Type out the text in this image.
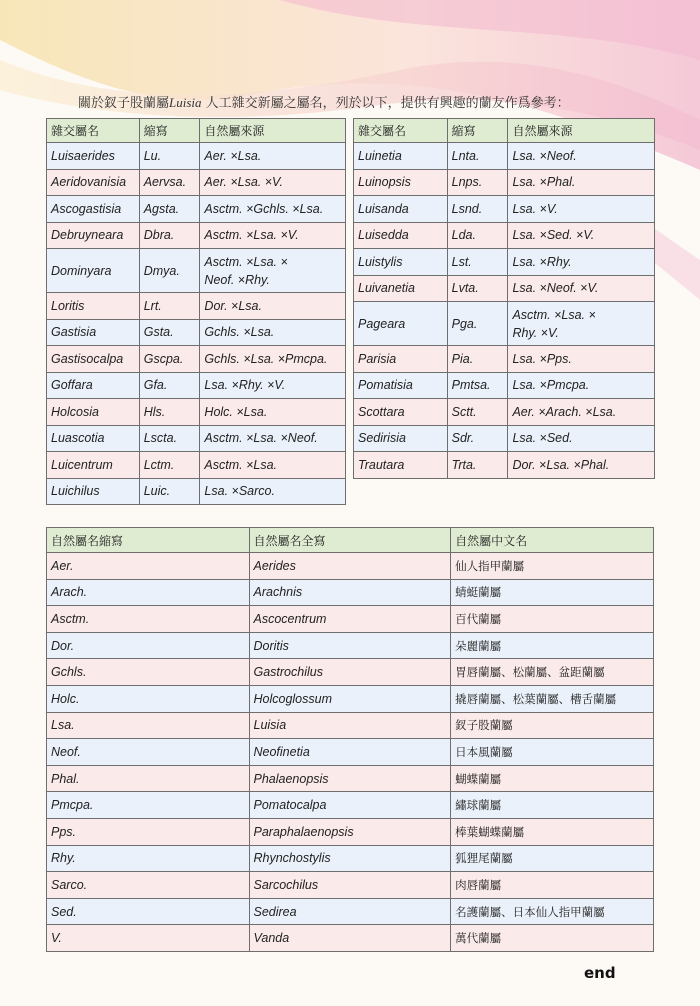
關於釵子股蘭屬Luisia 人工雜交新屬之屬名，列於以下，提供有興趣的蘭友作爲參考：
雜交屬名	縮寫	自然屬來源
Luisaerides	Lu.	Aer. ×Lsa.
Aeridovanisia	Aervsa.	Aer. ×Lsa. ×V.
Ascogastisia	Agsta.	Asctm. ×Gchls. ×Lsa.
Debruyneara	Dbra.	Asctm. ×Lsa. ×V.
Dominyara	Dmya.	Asctm. ×Lsa. ×
Neof. ×Rhy.
Loritis	Lrt.	Dor. ×Lsa.
Gastisia	Gsta.	Gchls. ×Lsa.
Gastisocalpa	Gscpa.	Gchls. ×Lsa. ×Pmcpa.
Goffara	Gfa.	Lsa. ×Rhy. ×V.
Holcosia	Hls.	Holc. ×Lsa.
Luascotia	Lscta.	Asctm. ×Lsa. ×Neof.
Luicentrum	Lctm.	Asctm. ×Lsa.
Luichilus	Luic.	Lsa. ×Sarco.
雜交屬名	縮寫	自然屬來源
Luinetia	Lnta.	Lsa. ×Neof.
Luinopsis	Lnps.	Lsa. ×Phal.
Luisanda	Lsnd.	Lsa. ×V.
Luisedda	Lda.	Lsa. ×Sed. ×V.
Luistylis	Lst.	Lsa. ×Rhy.
Luivanetia	Lvta.	Lsa. ×Neof. ×V.
Pageara	Pga.	Asctm. ×Lsa. ×
Rhy. ×V.
Parisia	Pia.	Lsa. ×Pps.
Pomatisia	Pmtsa.	Lsa. ×Pmcpa.
Scottara	Sctt.	Aer. ×Arach. ×Lsa.
Sedirisia	Sdr.	Lsa. ×Sed.
Trautara	Trta.	Dor. ×Lsa. ×Phal.
自然屬名縮寫	自然屬名全寫	自然屬中文名
Aer.	Aerides	仙人指甲蘭屬
Arach.	Arachnis	蜻蜓蘭屬
Asctm.	Ascocentrum	百代蘭屬
Dor.	Doritis	朵麗蘭屬
Gchls.	Gastrochilus	胃唇蘭屬、松蘭屬、盆距蘭屬
Holc.	Holcoglossum	撬唇蘭屬、松葉蘭屬、槽舌蘭屬
Lsa.	Luisia	釵子股蘭屬
Neof.	Neofinetia	日本風蘭屬
Phal.	Phalaenopsis	蝴蝶蘭屬
Pmcpa.	Pomatocalpa	繡球蘭屬
Pps.	Paraphalaenopsis	棒葉蝴蝶蘭屬
Rhy.	Rhynchostylis	狐狸尾蘭屬
Sarco.	Sarcochilus	肉唇蘭屬
Sed.	Sedirea	名護蘭屬、日本仙人指甲蘭屬
V.	Vanda	萬代蘭屬
end
